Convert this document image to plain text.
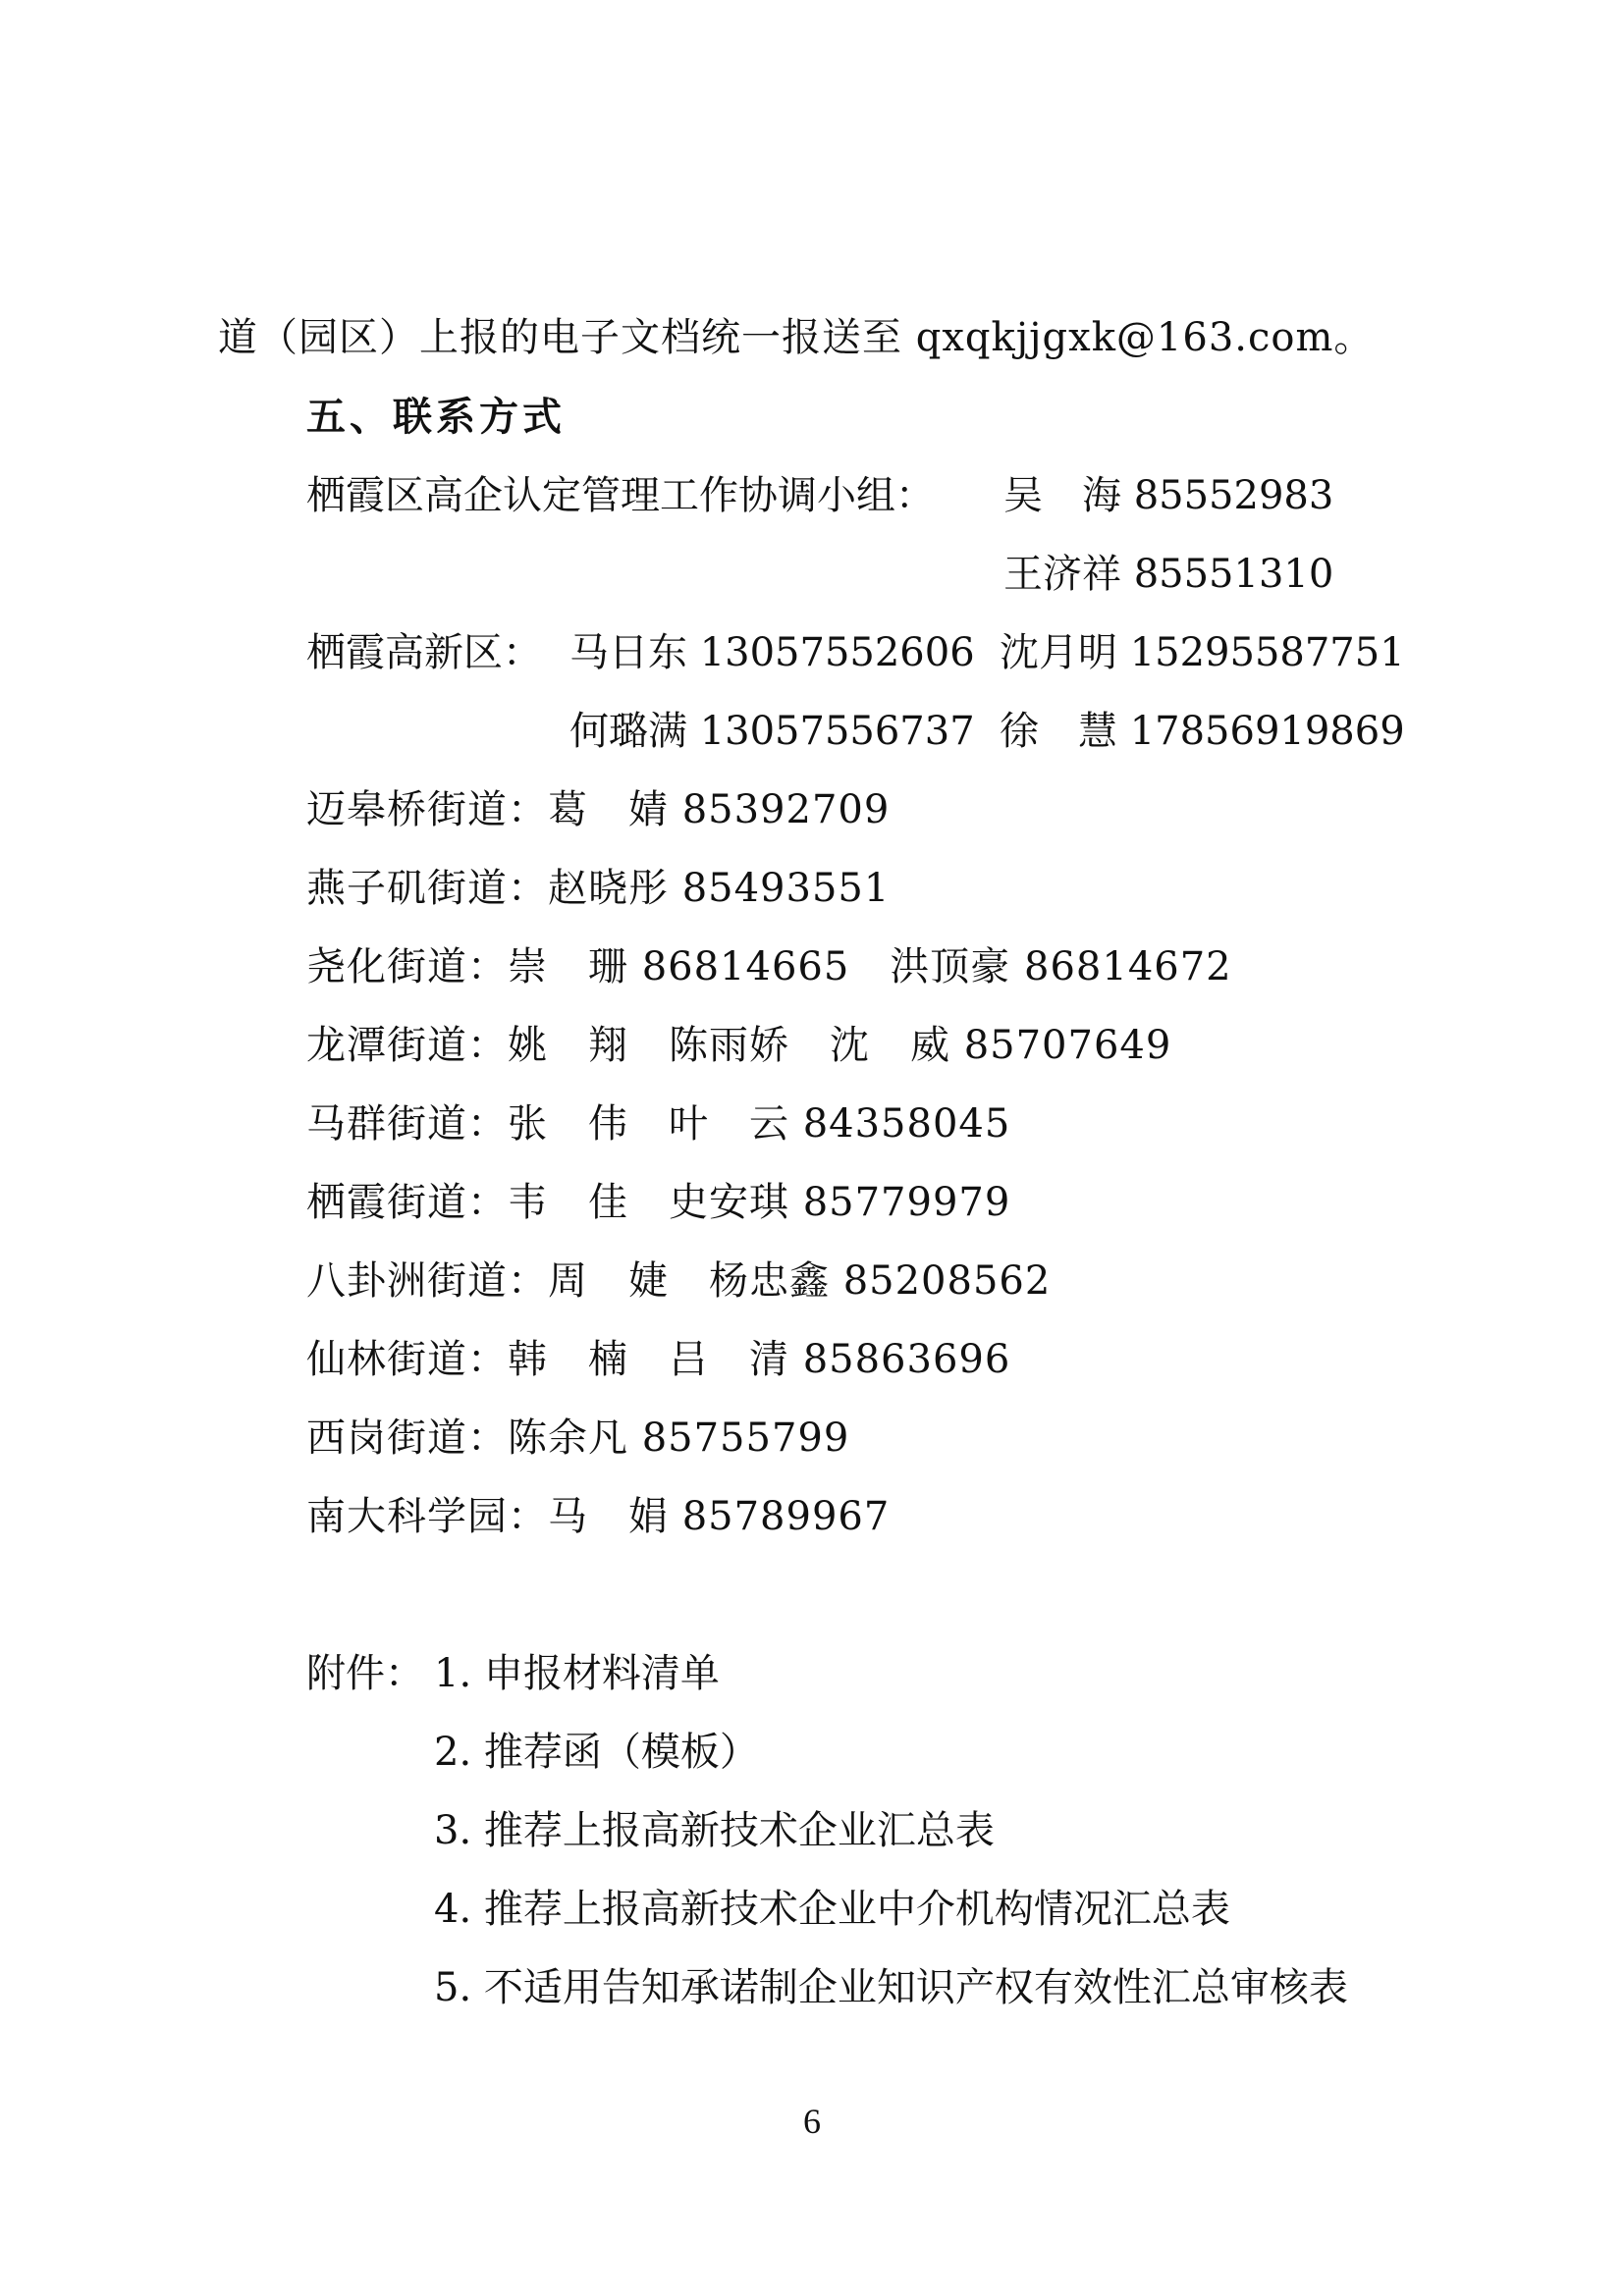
道（园区）上报的电子文档统一报送至 qxqkjjgxk@163.com。
五、联系方式
栖霞区高企认定管理工作协调小组： 吴　海 85552983
王济祥 85551310
栖霞高新区： 马日东 13057552606 沈月明 15295587751
何璐满 13057556737 徐　慧 17856919869
迈皋桥街道：葛　婧 85392709
燕子矶街道：赵晓彤 85493551
尧化街道：崇　珊 86814665　洪顶豪 86814672
龙潭街道：姚　翔　陈雨娇　沈　威 85707649
马群街道：张　伟　叶　云 84358045
栖霞街道：韦　佳　史安琪 85779979
八卦洲街道：周　婕　杨忠鑫 85208562
仙林街道：韩　楠　吕　清 85863696
西岗街道：陈余凡 85755799
南大科学园：马　娟 85789967
附件： 1. 申报材料清单
2. 推荐函（模板）
3. 推荐上报高新技术企业汇总表
4. 推荐上报高新技术企业中介机构情况汇总表
5. 不适用告知承诺制企业知识产权有效性汇总审核表
6
